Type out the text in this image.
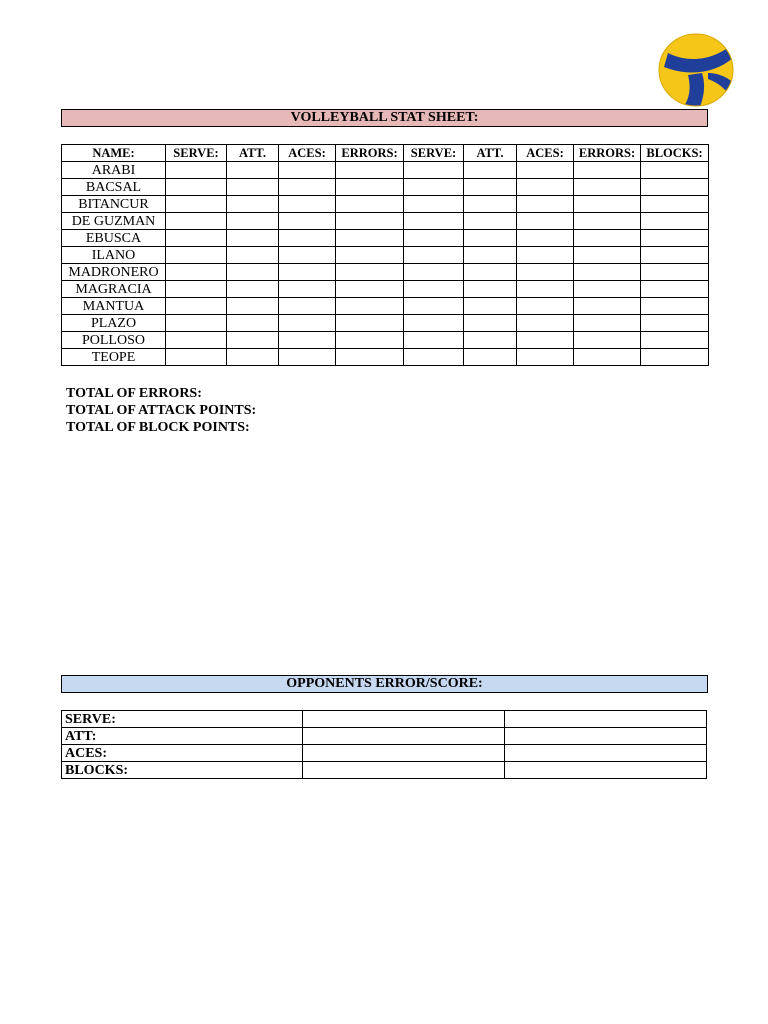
VOLLEYBALL STAT SHEET:
NAME:	SERVE:	ATT.	ACES:	ERRORS:	SERVE:	ATT.	ACES:	ERRORS:	BLOCKS:
ARABI									
BACSAL									
BITANCUR									
DE GUZMAN									
EBUSCA									
ILANO									
MADRONERO									
MAGRACIA									
MANTUA									
PLAZO									
POLLOSO									
TEOPE									
TOTAL OF ERRORS:
TOTAL OF ATTACK POINTS:
TOTAL OF BLOCK POINTS:
OPPONENTS ERROR/SCORE:
SERVE:		
ATT:		
ACES:		
BLOCKS:		
